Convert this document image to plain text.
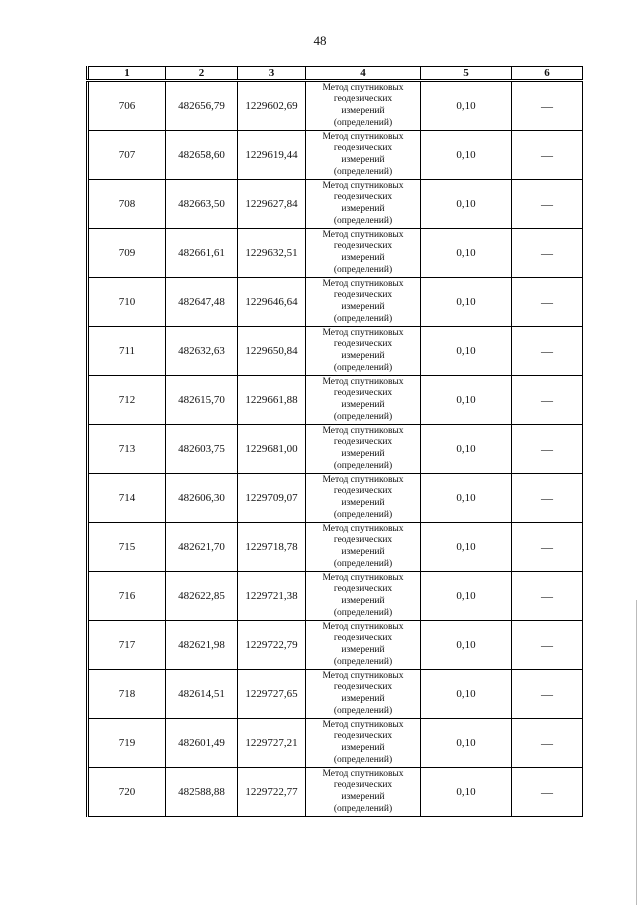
48
1	2	3	4	5	6
706	482656,79	1229602,69	Метод спутниковых
геодезических
измерений
(определений)	0,10	—
707	482658,60	1229619,44	Метод спутниковых
геодезических
измерений
(определений)	0,10	—
708	482663,50	1229627,84	Метод спутниковых
геодезических
измерений
(определений)	0,10	—
709	482661,61	1229632,51	Метод спутниковых
геодезических
измерений
(определений)	0,10	—
710	482647,48	1229646,64	Метод спутниковых
геодезических
измерений
(определений)	0,10	—
711	482632,63	1229650,84	Метод спутниковых
геодезических
измерений
(определений)	0,10	—
712	482615,70	1229661,88	Метод спутниковых
геодезических
измерений
(определений)	0,10	—
713	482603,75	1229681,00	Метод спутниковых
геодезических
измерений
(определений)	0,10	—
714	482606,30	1229709,07	Метод спутниковых
геодезических
измерений
(определений)	0,10	—
715	482621,70	1229718,78	Метод спутниковых
геодезических
измерений
(определений)	0,10	—
716	482622,85	1229721,38	Метод спутниковых
геодезических
измерений
(определений)	0,10	—
717	482621,98	1229722,79	Метод спутниковых
геодезических
измерений
(определений)	0,10	—
718	482614,51	1229727,65	Метод спутниковых
геодезических
измерений
(определений)	0,10	—
719	482601,49	1229727,21	Метод спутниковых
геодезических
измерений
(определений)	0,10	—
720	482588,88	1229722,77	Метод спутниковых
геодезических
измерений
(определений)	0,10	—
